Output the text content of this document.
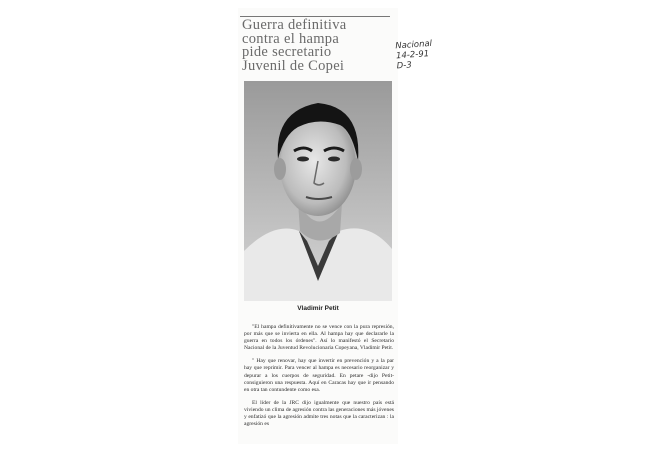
Guerra definitiva
contra el hampa
pide secretario
Juvenil de Copei
Vladimir Petit

"El hampa definitivamente no se vence con la pura represión, por más que se invierta en ella. Al hampa hay que declararle la guerra en todos los órdenes". Así lo manifestó el Secretario Nacional de la Juventud Revolucionaria Copeyana, Vladimir Petit.

" Hay que renovar, hay que invertir en prevención y a la par hay que reprimir. Para vencer al hampa es necesario reorganizar y depurar a los cuerpos de seguridad. En petare -dijo Petit-consiguieron una respuesta. Aquí en Caracas hay que ir pensando en otra tan contundente como esa.

El líder de la JRC dijo igualmente que nuestro país está viviendo un clima de agresión contra las generaciones más jóvenes y enfatizó que la agresión admite tres notas que la caracterizan : la agresión es

Nacional
14-2-91
D-3
